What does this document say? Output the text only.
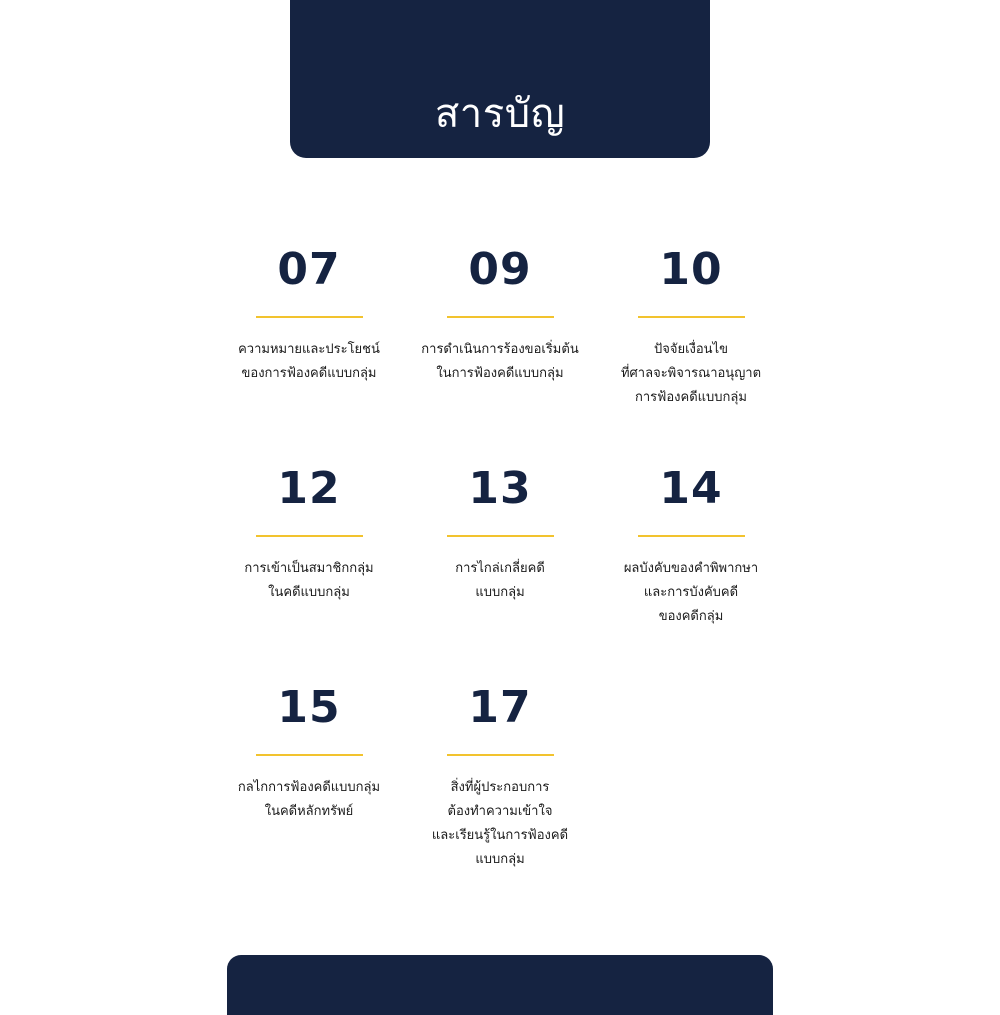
สารบัญ
07
ความหมายและประโยชน์
ของการฟ้องคดีแบบกลุ่ม
09
การดำเนินการร้องขอเริ่มต้น
ในการฟ้องคดีแบบกลุ่ม
10
ปัจจัยเงื่อนไข
ที่ศาลจะพิจารณาอนุญาต
การฟ้องคดีแบบกลุ่ม
12
การเข้าเป็นสมาชิกกลุ่ม
ในคดีแบบกลุ่ม
13
การไกล่เกลี่ยคดี
แบบกลุ่ม
14
ผลบังคับของคำพิพากษา
และการบังคับคดี
ของคดีกลุ่ม
15
กลไกการฟ้องคดีแบบกลุ่ม
ในคดีหลักทรัพย์
17
สิ่งที่ผู้ประกอบการ
ต้องทำความเข้าใจ
และเรียนรู้ในการฟ้องคดี
แบบกลุ่ม
